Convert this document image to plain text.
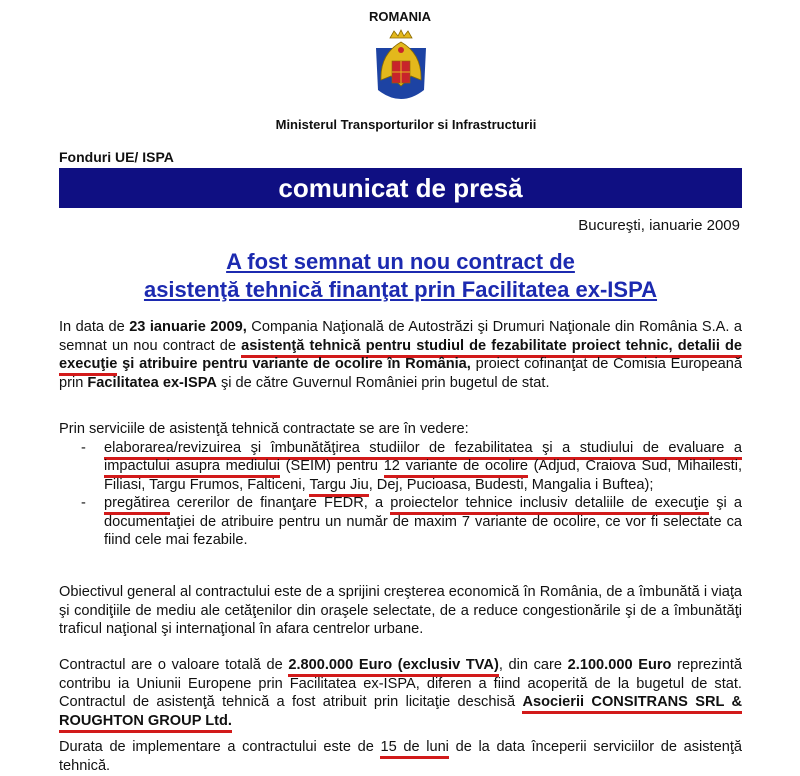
ROMANIA
Ministerul Transporturilor si Infrastructurii
Fonduri UE/ ISPA
comunicat de presă
Bucureşti, ianuarie 2009
A fost semnat un nou contract de
asistenţă tehnică finanţat prin Facilitatea ex-ISPA

In data de 23 ianuarie 2009, Compania Naţională de Autostrăzi şi Drumuri Naţionale din România S.A. a semnat un nou contract de asistenţă tehnică pentru studiul de fezabilitate proiect tehnic, detalii de execuţie şi atribuire pentru variante de ocolire în România, proiect cofinanţat de Comisia Europeană prin Facilitatea ex-ISPA şi de către Guvernul României prin bugetul de stat.

Prin serviciile de asistenţă tehnică contractate se are în vedere:

- elaborarea/revizuirea şi îmbunătăţirea studiilor de fezabilitatea şi a studiului de evaluare a impactului asupra mediului (SEIM) pentru 12 variante de ocolire (Adjud, Craiova Sud, Mihailesti, Filiasi, Targu Frumos, Falticeni, Targu Jiu, Dej, Pucioasa, Budesti, Mangalia i Buftea);
- pregătirea cererilor de finanţare FEDR, a proiectelor tehnice inclusiv detaliile de execuţie şi a documentaţiei de atribuire pentru un număr de maxim 7 variante de ocolire, ce vor fi selectate ca fiind cele mai fezabile.

Obiectivul general al contractului este de a sprijini creşterea economică în România, de a îmbunătă i viaţa şi condiţiile de mediu ale cetăţenilor din oraşele selectate, de a reduce congestionările şi de a îmbunătăţi traficul naţional şi internaţional în afara centrelor urbane.

Contractul are o valoare totală de 2.800.000 Euro (exclusiv TVA), din care 2.100.000 Euro reprezintă contribu ia Uniunii Europene prin Facilitatea ex-ISPA, diferen a fiind acoperită de la bugetul de stat. Contractul de asistenţă tehnică a fost atribuit prin licitaţie deschisă Asocierii CONSITRANS SRL & ROUGHTON GROUP Ltd.

Durata de implementare a contractului este de 15 de luni de la data începerii serviciilor de asistenţă tehnică.
